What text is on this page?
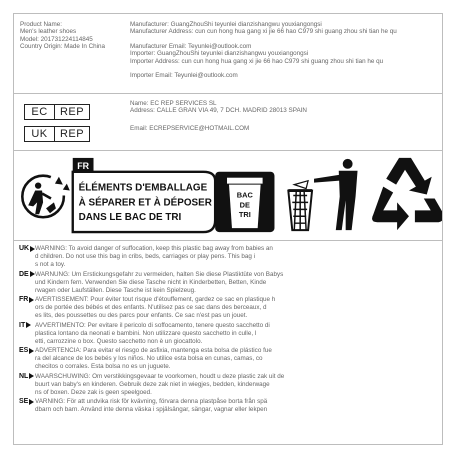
Product Name:
Men's leather shoes
Model: 201731224114845
Country Origin: Made In China
Manufacturer: GuangZhouShi teyunlei dianzishangwu youxiangongsi
Manufacturer Address: cun cun hong hua gang xi jie 66 hao C979 shi guang zhou shi tian he qu
Manufacturer Email: Teyunlei@outlook.com
Importer: GuangZhouShi teyunlei dianzishangwu youxiangongsi
Importer Address: cun cun hong hua gang xi jie 66 hao C979 shi guang zhou shi tian he qu
Importer Email: Teyunlei@outlook.com
EC	REP
UK	REP
Name: EC REP SERVICES SL
Address: CALLE GRAN VIA 49, 7 DCH. MADRID 28013 SPAIN
Email: ECREPSERVICE@HOTMAIL.COM
FR
ÉLÉMENTS D'EMBALLAGE
À SÉPARER ET À DÉPOSER
DANS LE BAC DE TRI
BAC
DE
TRI
UK WARNING: To avoid danger of suffocation, keep this plastic bag away from babies an
d children. Do not use this bag in cribs, beds, carriages or play pens. This bag i
s not a toy.
DE WARNUNG: Um Erstickungsgefahr zu vermeiden, halten Sie diese Plastiktüte von Babys
und Kindern fern. Verwenden Sie diese Tasche nicht in Kinderbetten, Betten, Kinde
rwagen oder Laufställen. Diese Tasche ist kein Spielzeug.
FR AVERTISSEMENT: Pour éviter tout risque d'étouffement, gardez ce sac en plastique h
ors de portée des bébés et des enfants. N'utilisez pas ce sac dans des berceaux, d
es lits, des poussettes ou des parcs pour enfants. Ce sac n'est pas un jouet.
IT AVVERTIMENTO: Per evitare il pericolo di soffocamento, tenere questo sacchetto di
plastica lontano da neonati e bambini. Non utilizzare questo sacchetto in culle, l
etti, carrozzine o box. Questo sacchetto non è un giocattolo.
ES ADVERTENCIA: Para evitar el riesgo de asfixia, mantenga esta bolsa de plástico fue
ra del alcance de los bebés y los niños. No utilice esta bolsa en cunas, camas, co
checitos o corrales. Esta bolsa no es un juguete.
NL WAARSCHUWING: Om verstikkingsgevaar te voorkomen, houdt u deze plastic zak uit de
buurt van baby's en kinderen. Gebruik deze zak niet in wiegjes, bedden, kinderwage
ns of boxen. Deze zak is geen speelgoed.
SE VARNING: För att undvika risk för kvävning, förvara denna plastpåse borta från spä
dbarn och barn. Använd inte denna väska i spjälsängar, sängar, vagnar eller lekpen
